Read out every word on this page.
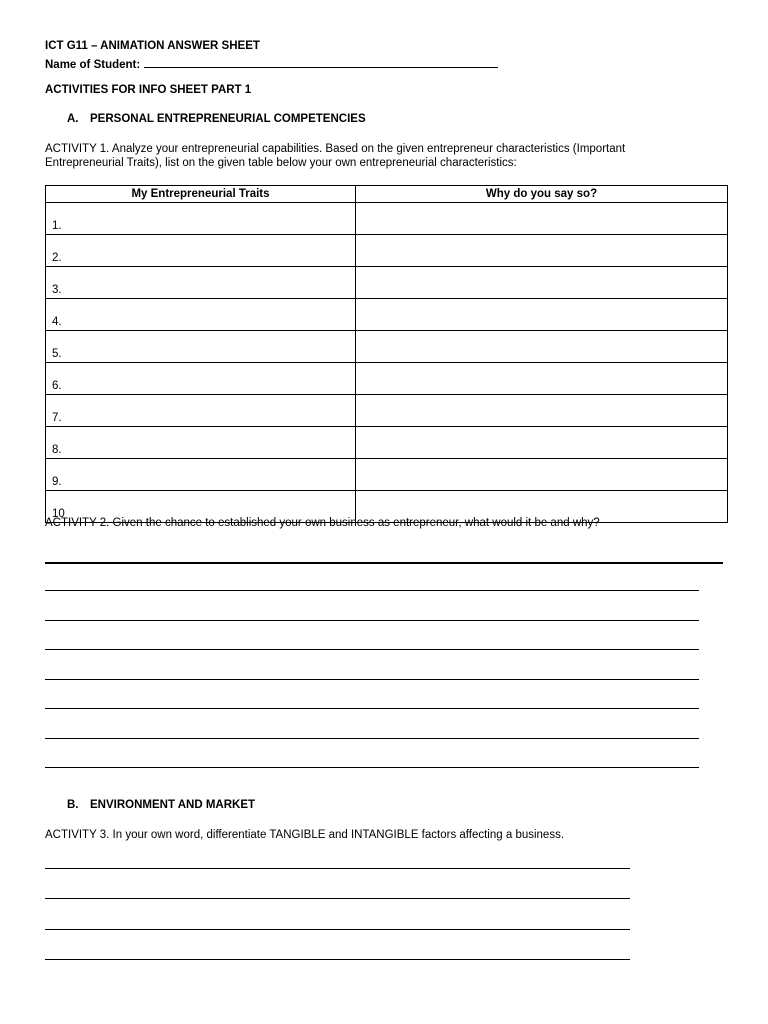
ICT G11 – ANIMATION ANSWER SHEET
Name of Student:
ACTIVITIES FOR INFO SHEET PART 1
A. PERSONAL ENTREPRENEURIAL COMPETENCIES
ACTIVITY 1. Analyze your entrepreneurial capabilities. Based on the given entrepreneur characteristics (Important
Entrepreneurial Traits), list on the given table below your own entrepreneurial characteristics:
My Entrepreneurial Traits	Why do you say so?
1.	
2.	
3.	
4.	
5.	
6.	
7.	
8.	
9.	
10	
ACTIVITY 2. Given the chance to established your own business as entrepreneur, what would it be and why?
B. ENVIRONMENT AND MARKET
ACTIVITY 3. In your own word, differentiate TANGIBLE and INTANGIBLE factors affecting a business.
